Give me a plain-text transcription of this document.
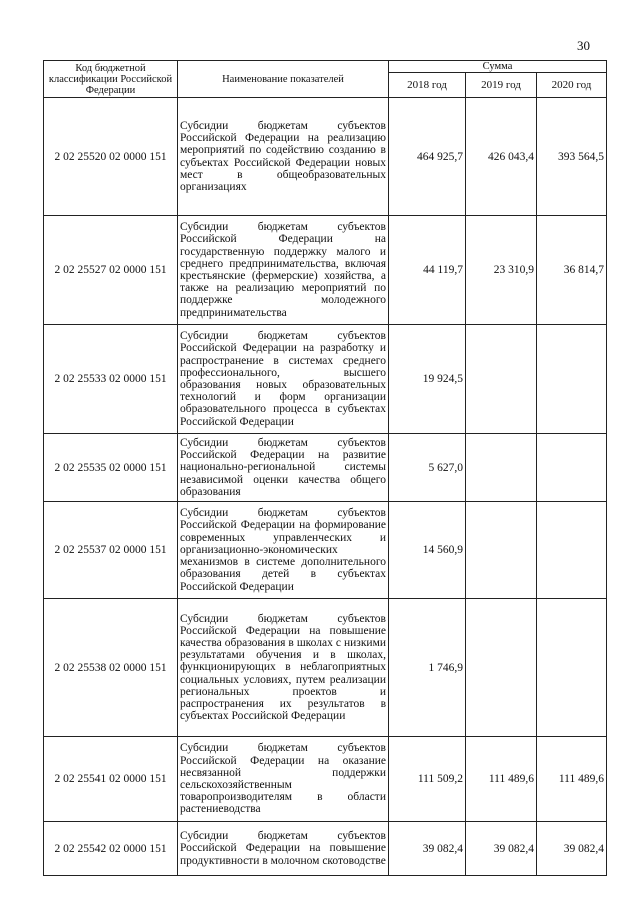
30
Код бюджетной классификации Российской Федерации	Наименование показателей	Сумма		
		2018 год	2019 год	2020 год
2 02 25520 02 0000 151	Субсидии бюджетам субъектов Российской Федерации на реализацию мероприятий по содействию созданию в субъектах Российской Федерации новых мест в общеобразовательных организациях	464 925,7	426 043,4	393 564,5
2 02 25527 02 0000 151	Субсидии бюджетам субъектов Российской Федерации на государственную поддержку малого и среднего предпринимательства, включая крестьянские (фермерские) хозяйства, а также на реализацию мероприятий по поддержке молодежного предпринимательства	44 119,7	23 310,9	36 814,7
2 02 25533 02 0000 151	Субсидии бюджетам субъектов Российской Федерации на разработку и распространение в системах среднего профессионального, высшего образования новых образовательных технологий и форм организации образовательного процесса в субъектах Российской Федерации	19 924,5		
2 02 25535 02 0000 151	Субсидии бюджетам субъектов Российской Федерации на развитие национально-региональной системы независимой оценки качества общего образования	5 627,0		
2 02 25537 02 0000 151	Субсидии бюджетам субъектов Российской Федерации на формирование современных управленческих и организационно-экономических механизмов в системе дополнительного образования детей в субъектах Российской Федерации	14 560,9		
2 02 25538 02 0000 151	Субсидии бюджетам субъектов Российской Федерации на повышение качества образования в школах с низкими результатами обучения и в школах, функционирующих в неблагоприятных социальных условиях, путем реализации региональных проектов и распространения их результатов в субъектах Российской Федерации	1 746,9		
2 02 25541 02 0000 151	Субсидии бюджетам субъектов Российской Федерации на оказание несвязанной поддержки сельскохозяйственным товаропроизводителям в области растениеводства	111 509,2	111 489,6	111 489,6
2 02 25542 02 0000 151	Субсидии бюджетам субъектов Российской Федерации на повышение продуктивности в молочном скотоводстве	39 082,4	39 082,4	39 082,4
